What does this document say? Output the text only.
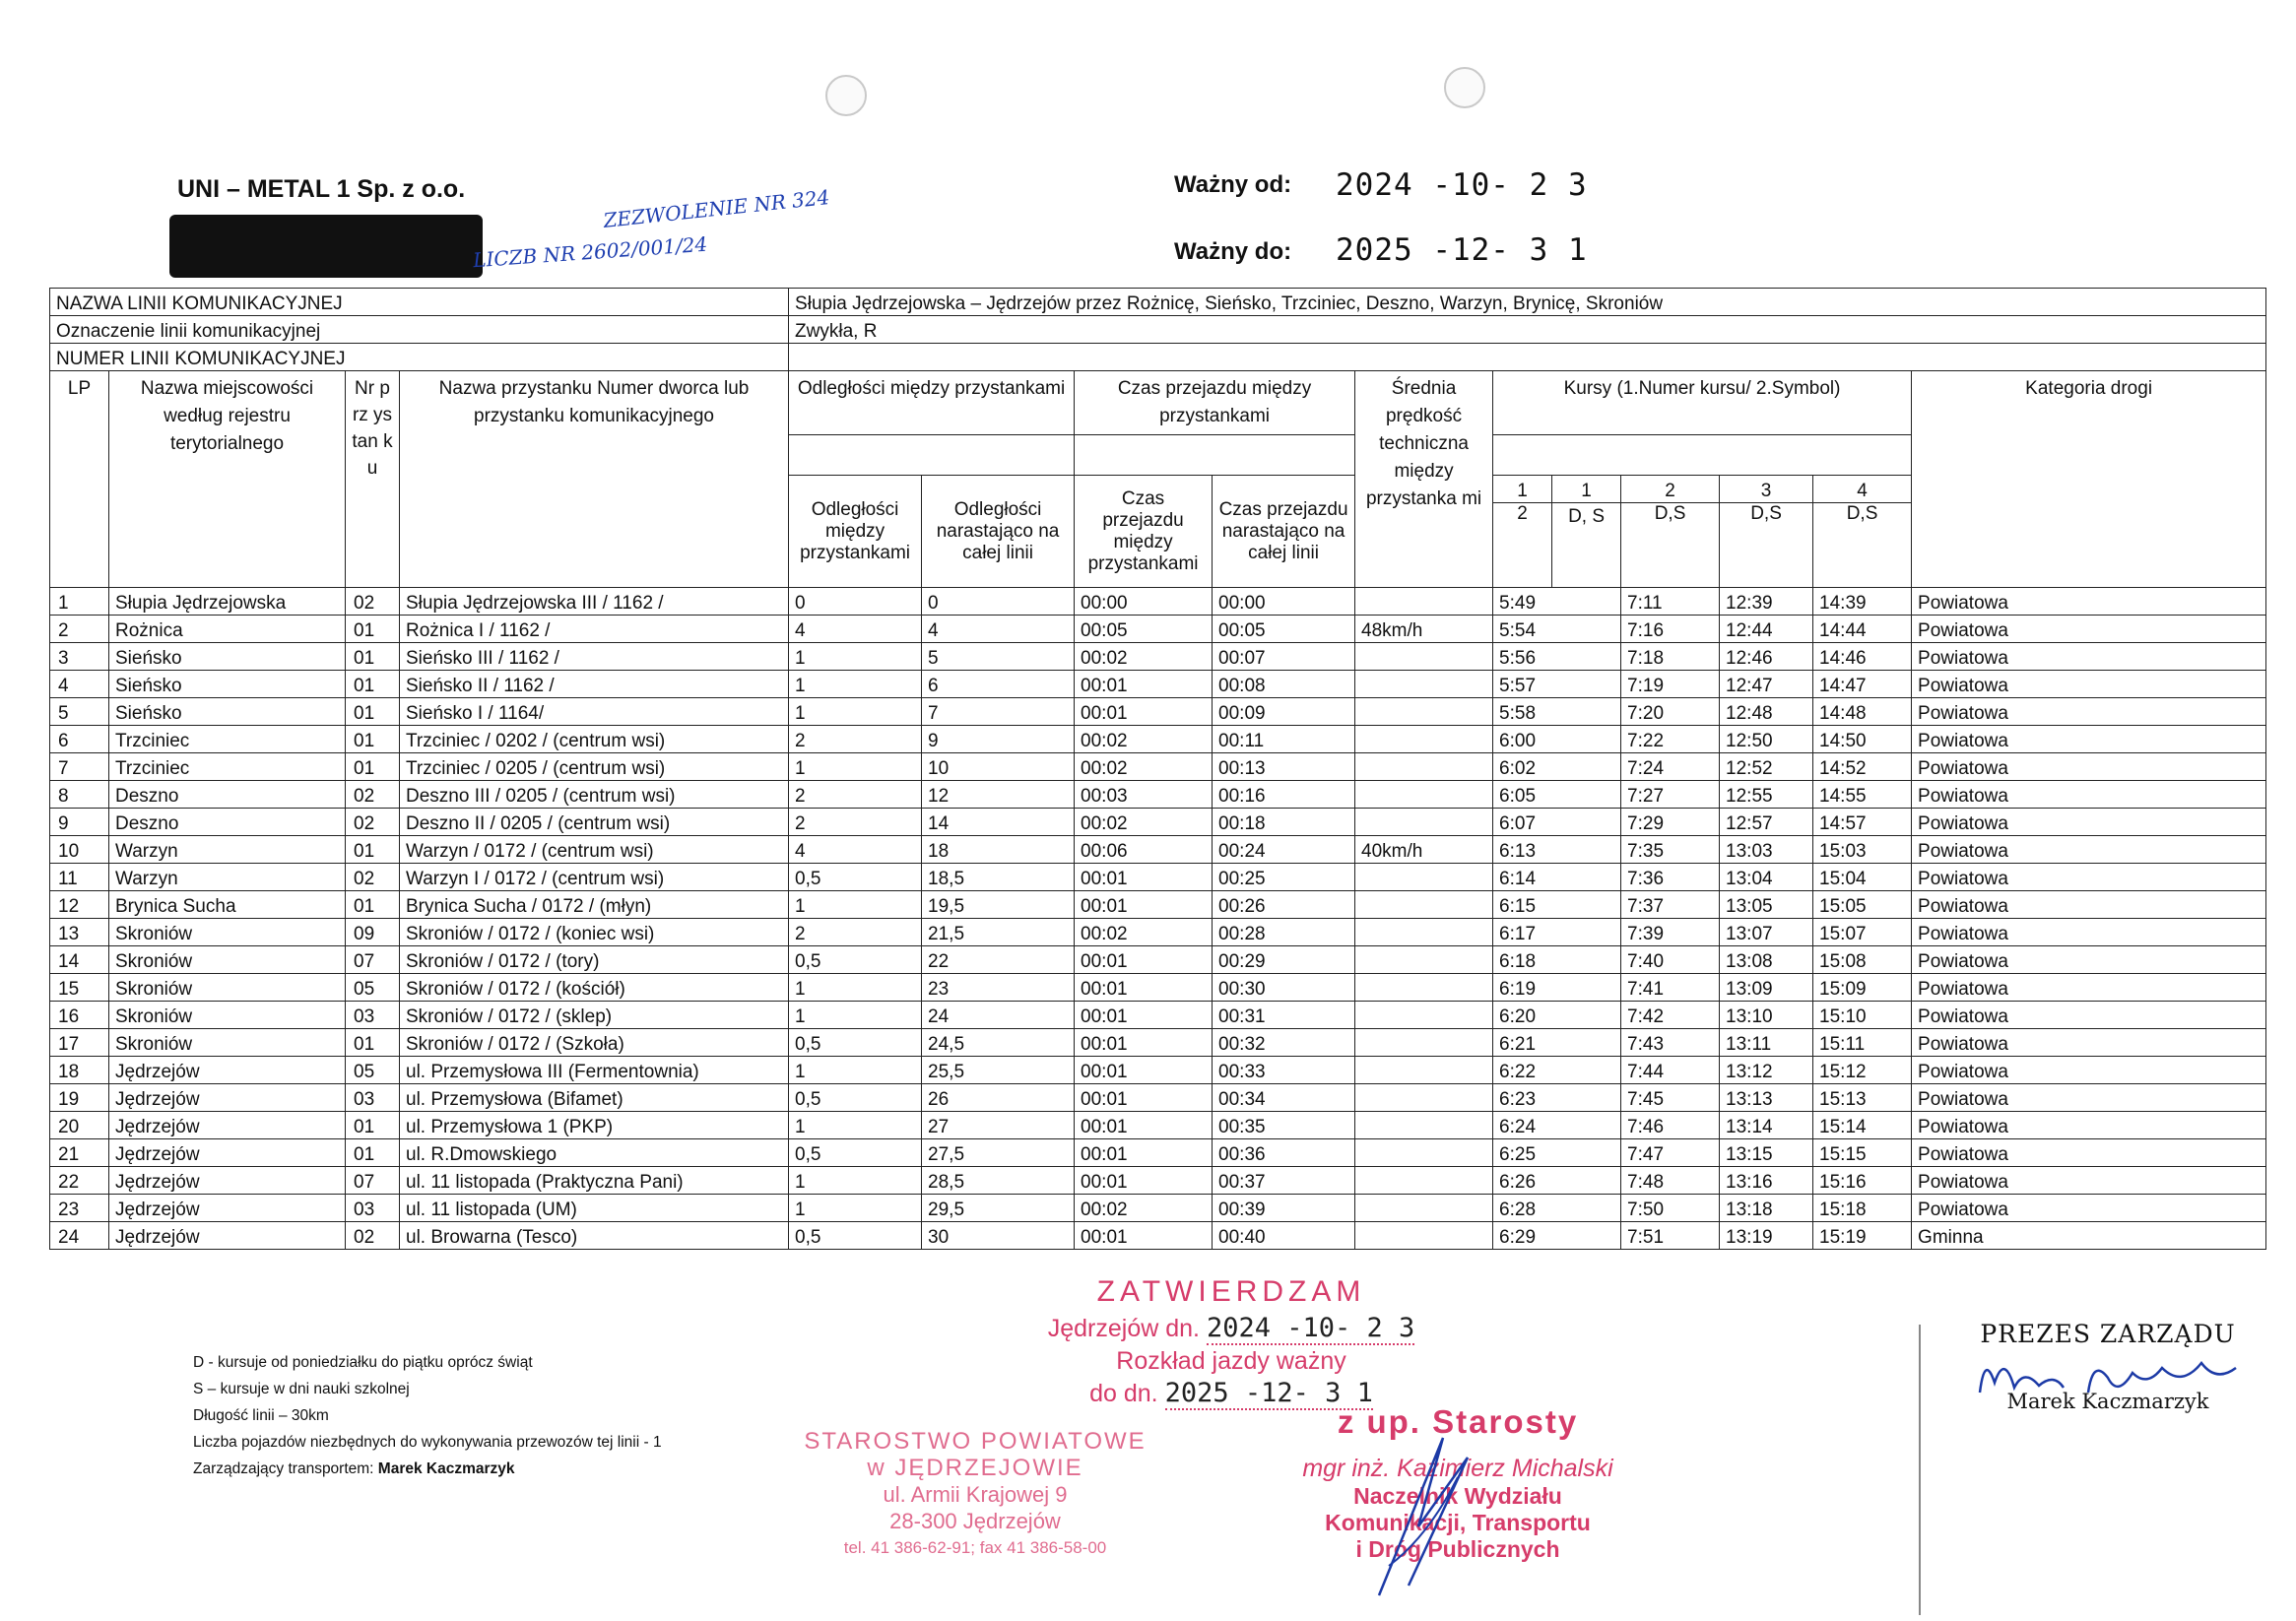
UNI – METAL 1 Sp. z o.o.	ZEZWOLENIE NR 324
LICZB NR 2602/001/24
Ważny od: 2024 -10- 2 3
Ważny do: 2025 -12- 3 1
NAZWA LINII KOMUNIKACYJNEJ				Słupia Jędrzejowska – Jędrzejów przez Rożnicę, Sieńsko, Trzciniec, Deszno, Warzyn, Brynicę, Skroniów										
Oznaczenie linii komunikacyjnej				Zwykła, R										
NUMER LINII KOMUNIKACYJNEJ														
LP	Nazwa miejscowości według rejestru terytorialnego	Nr prz ys tan ku	Nazwa przystanku Numer dworca lub przystanku komunikacyjnego	Odległości między przystankami		Czas przejazdu między przystankami		Średnia prędkość techniczna między przystanka mi	Kursy (1.Numer kursu/ 2.Symbol)					Kategoria drogi

				Odległości między przystankami	Odległości narastająco na całej linii	Czas przejazdu między przystankami	Czas przejazdu narastająco na całej linii		1	1	2	3	4	
									2	D, S	D,S	D,S	D,S	
1	Słupia Jędrzejowska	02	Słupia Jędrzejowska III / 1162 /	0	0	00:00	00:00		5:49		7:11	12:39	14:39	Powiatowa
2	Rożnica	01	Rożnica I / 1162 /	4	4	00:05	00:05	48km/h	5:54		7:16	12:44	14:44	Powiatowa
3	Sieńsko	01	Sieńsko III / 1162 /	1	5	00:02	00:07		5:56		7:18	12:46	14:46	Powiatowa
4	Sieńsko	01	Sieńsko II / 1162 /	1	6	00:01	00:08		5:57		7:19	12:47	14:47	Powiatowa
5	Sieńsko	01	Sieńsko I / 1164/	1	7	00:01	00:09		5:58		7:20	12:48	14:48	Powiatowa
6	Trzciniec	01	Trzciniec / 0202 / (centrum wsi)	2	9	00:02	00:11		6:00		7:22	12:50	14:50	Powiatowa
7	Trzciniec	01	Trzciniec / 0205 / (centrum wsi)	1	10	00:02	00:13		6:02		7:24	12:52	14:52	Powiatowa
8	Deszno	02	Deszno III / 0205 / (centrum wsi)	2	12	00:03	00:16		6:05		7:27	12:55	14:55	Powiatowa
9	Deszno	02	Deszno II / 0205 / (centrum wsi)	2	14	00:02	00:18		6:07		7:29	12:57	14:57	Powiatowa
10	Warzyn	01	Warzyn / 0172 / (centrum wsi)	4	18	00:06	00:24	40km/h	6:13		7:35	13:03	15:03	Powiatowa
11	Warzyn	02	Warzyn I / 0172 / (centrum wsi)	0,5	18,5	00:01	00:25		6:14		7:36	13:04	15:04	Powiatowa
12	Brynica Sucha	01	Brynica Sucha / 0172 / (młyn)	1	19,5	00:01	00:26		6:15		7:37	13:05	15:05	Powiatowa
13	Skroniów	09	Skroniów / 0172 / (koniec wsi)	2	21,5	00:02	00:28		6:17		7:39	13:07	15:07	Powiatowa
14	Skroniów	07	Skroniów / 0172 / (tory)	0,5	22	00:01	00:29		6:18		7:40	13:08	15:08	Powiatowa
15	Skroniów	05	Skroniów / 0172 / (kościół)	1	23	00:01	00:30		6:19		7:41	13:09	15:09	Powiatowa
16	Skroniów	03	Skroniów / 0172 / (sklep)	1	24	00:01	00:31		6:20		7:42	13:10	15:10	Powiatowa
17	Skroniów	01	Skroniów / 0172 / (Szkoła)	0,5	24,5	00:01	00:32		6:21		7:43	13:11	15:11	Powiatowa
18	Jędrzejów	05	ul. Przemysłowa III (Fermentownia)	1	25,5	00:01	00:33		6:22		7:44	13:12	15:12	Powiatowa
19	Jędrzejów	03	ul. Przemysłowa (Bifamet)	0,5	26	00:01	00:34		6:23		7:45	13:13	15:13	Powiatowa
20	Jędrzejów	01	ul. Przemysłowa 1 (PKP)	1	27	00:01	00:35		6:24		7:46	13:14	15:14	Powiatowa
21	Jędrzejów	01	ul. R.Dmowskiego	0,5	27,5	00:01	00:36		6:25		7:47	13:15	15:15	Powiatowa
22	Jędrzejów	07	ul. 11 listopada (Praktyczna Pani)	1	28,5	00:01	00:37		6:26		7:48	13:16	15:16	Powiatowa
23	Jędrzejów	03	ul. 11 listopada (UM)	1	29,5	00:02	00:39		6:28		7:50	13:18	15:18	Powiatowa
24	Jędrzejów	02	ul. Browarna (Tesco)	0,5	30	00:01	00:40		6:29		7:51	13:19	15:19	Gminna
D - kursuje od poniedziałku do piątku oprócz świąt
S – kursuje w dni nauki szkolnej
Długość linii – 30km
Liczba pojazdów niezbędnych do wykonywania przewozów tej linii - 1
Zarządzający transportem: Marek Kaczmarzyk
ZATWIERDZAM
Jędrzejów dn. 2024 -10- 2 3
Rozkład jazdy ważny
do dn. 2025 -12- 3 1
STAROSTWO POWIATOWE
w JĘDRZEJOWIE
ul. Armii Krajowej 9
28-300 Jędrzejów
tel. 41 386-62-91; fax 41 386-58-00
z up. Starosty
mgr inż. Kazimierz Michalski
Naczelnik Wydziału
Komunikacji, Transportu
i Dróg Publicznych
PREZES ZARZĄDU
Marek Kaczmarzyk
